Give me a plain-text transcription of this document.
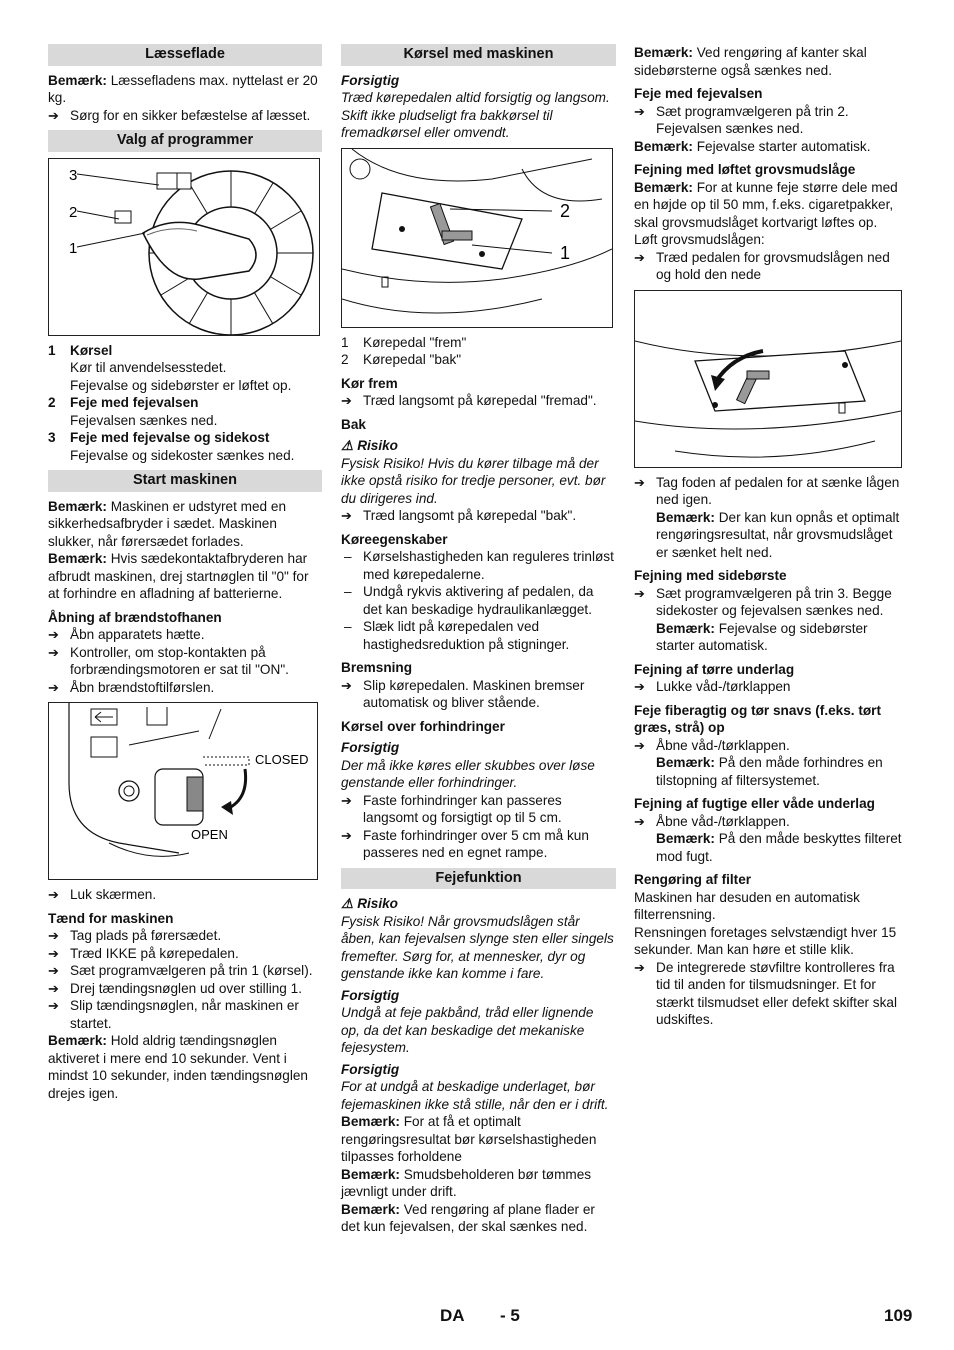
Læsseflade

Bemærk: Læssefladens max. nyttelast er 20 kg.

➔ Sørg for en sikker befæstelse af læsset.

Valg af programmer
3
2
1
1 Kørsel

Kør til anvendelsesstedet.

Fejevalse og sidebørster er løftet op.

2 Feje med fejevalsen

Fejevalsen sænkes ned.

3 Feje med fejevalse og sidekost

Fejevalse og sidekoster sænkes ned.

Start maskinen

Bemærk: Maskinen er udstyret med en sikkerhedsafbryder i sædet. Maskinen slukker, når førersædet forlades.

Bemærk: Hvis sædekontaktafbryderen har afbrudt maskinen, drej startnøglen til "0" for at forhindre en afladning af batterierne.

Åbning af brændstofhanen

➔ Åbn apparatets hætte.

➔ Kontroller, om stop-kontakten på forbrændingsmotoren er sat til "ON".

➔ Åbn brændstoftilførslen.

CLOSED
OPEN

➔ Luk skærmen.

Tænd for maskinen

➔ Tag plads på førersædet.

➔ Træd IKKE på kørepedalen.

➔ Sæt programvælgeren på trin 1 (kørsel).

➔ Drej tændingsnøglen ud over stilling 1.

➔ Slip tændingsnøglen, når maskinen er startet.

Bemærk: Hold aldrig tændingsnøglen aktiveret i mere end 10 sekunder. Vent i mindst 10 sekunder, inden tændingsnøglen drejes igen.

Kørsel med maskinen

Forsigtig

Træd kørepedalen altid forsigtig og langsom. Skift ikke pludseligt fra bakkørsel til fremadkørsel eller omvendt.

2
1

1 Kørepedal "frem"

2 Kørepedal "bak"

Kør frem

➔ Træd langsomt på kørepedal "fremad".

Bak

⚠ Risiko

Fysisk Risiko! Hvis du kører tilbage må der ikke opstå risiko for tredje personer, evt. bør du dirigeres ind.

➔ Træd langsomt på kørepedal "bak".

Køreegenskaber

– Kørselshastigheden kan reguleres trinløst med kørepedalerne.

– Undgå rykvis aktivering af pedalen, da det kan beskadige hydraulikanlægget.

– Slæk lidt på kørepedalen ved hastighedsreduktion på stigninger.

Bremsning

➔ Slip kørepedalen. Maskinen bremser automatisk og bliver stående.

Kørsel over forhindringer

Forsigtig

Der må ikke køres eller skubbes over løse genstande eller forhindringer.

➔ Faste forhindringer kan passeres langsomt og forsigtigt op til 5 cm.

➔ Faste forhindringer over 5 cm må kun passeres ned en egnet rampe.

Fejefunktion

⚠ Risiko

Fysisk Risiko! Når grovsmudslågen står åben, kan fejevalsen slynge sten eller singels fremefter. Sørg for, at mennesker, dyr og genstande ikke kan komme i fare.

Forsigtig

Undgå at feje pakbånd, tråd eller lignende op, da det kan beskadige det mekaniske fejesystem.

Forsigtig

For at undgå at beskadige underlaget, bør fejemaskinen ikke stå stille, når den er i drift.

Bemærk: For at få et optimalt rengøringsresultat bør kørselshastigheden tilpasses forholdene

Bemærk: Smudsbeholderen bør tømmes jævnligt under drift.

Bemærk: Ved rengøring af plane flader er det kun fejevalsen, der skal sænkes ned.

Bemærk: Ved rengøring af kanter skal sidebørsterne også sænkes ned.

Feje med fejevalsen

➔ Sæt programvælgeren på trin 2. Fejevalsen sænkes ned.

Bemærk: Fejevalse starter automatisk.

Fejning med løftet grovsmudslåge

Bemærk: For at kunne feje større dele med en højde op til 50 mm, f.eks. cigaretpakker, skal grovsmudslåget kortvarigt løftes op.

Løft grovsmudslågen:

➔ Træd pedalen for grovsmudslågen ned og hold den nede

➔ Tag foden af pedalen for at sænke lågen ned igen.

Bemærk: Der kan kun opnås et optimalt rengøringsresultat, når grovsmudslåget er sænket helt ned.

Fejning med sidebørste

➔ Sæt programvælgeren på trin 3. Begge sidekoster og fejevalsen sænkes ned.

Bemærk: Fejevalse og sidebørster starter automatisk.

Fejning af tørre underlag

➔ Lukke våd-/tørklappen

Feje fiberagtig og tør snavs (f.eks. tørt græs, strå) op

➔ Åbne våd-/tørklappen.

Bemærk: På den måde forhindres en tilstopning af filtersystemet.

Fejning af fugtige eller våde underlag

➔ Åbne våd-/tørklappen.

Bemærk: På den måde beskyttes filteret mod fugt.

Rengøring af filter

Maskinen har desuden en automatisk filterrensning.

Rensningen foretages selvstændigt hver 15 sekunder. Man kan høre et stille klik.

➔ De integrerede støvfiltre kontrolleres fra tid til anden for tilsmudsninger. Et for stærkt tilsmudset eller defekt skifter skal udskiftes.

DA - 5	109
